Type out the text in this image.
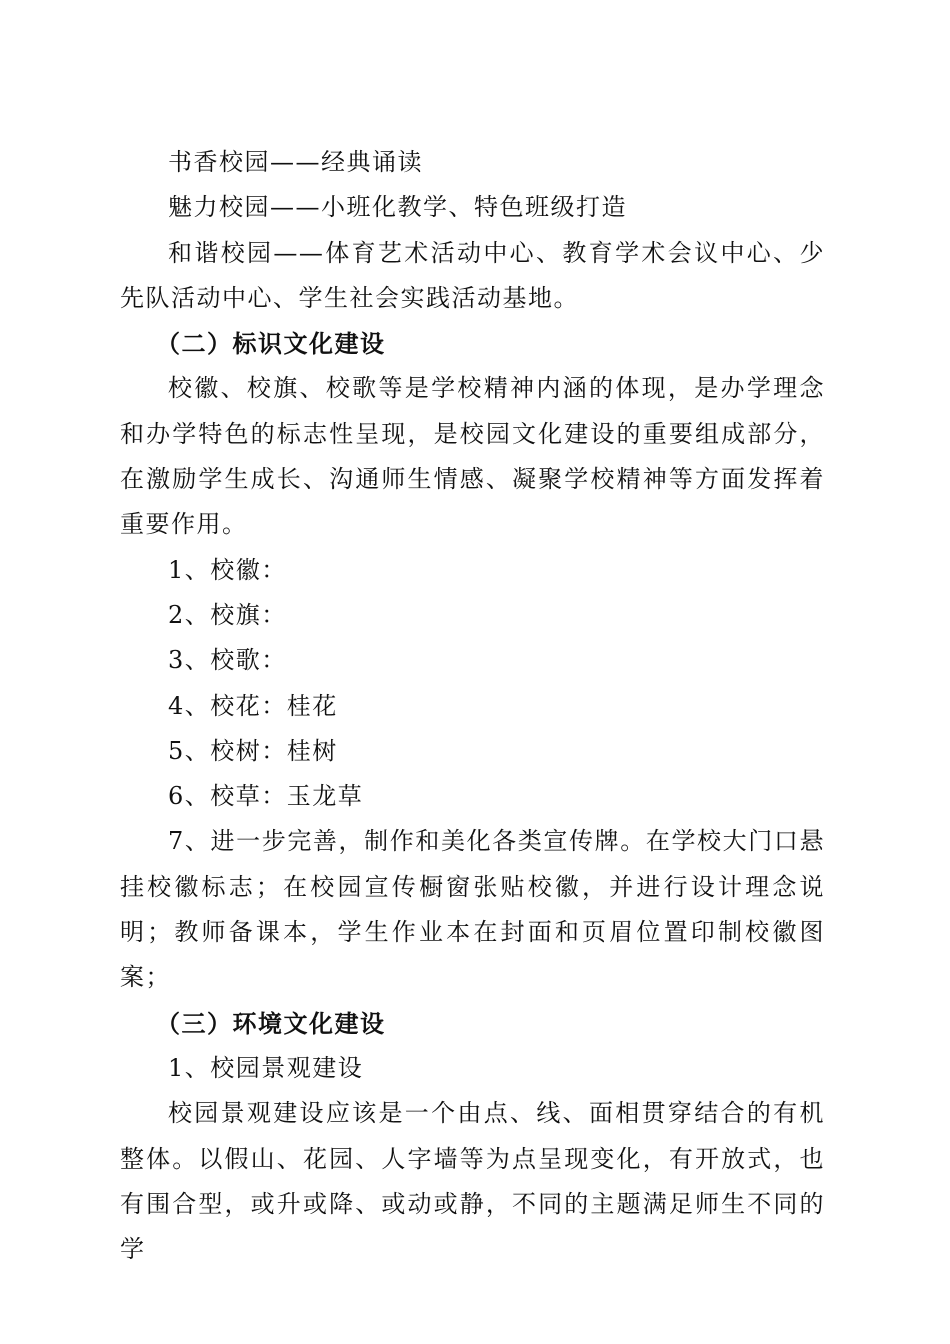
书香校园——经典诵读

魅力校园——小班化教学、特色班级打造

和谐校园——体育艺术活动中心、教育学术会议中心、少先队活动中心、学生社会实践活动基地。

（二）标识文化建设

校徽、校旗、校歌等是学校精神内涵的体现，是办学理念和办学特色的标志性呈现，是校园文化建设的重要组成部分，在激励学生成长、沟通师生情感、凝聚学校精神等方面发挥着重要作用。

1、校徽：

2、校旗：

3、校歌：

4、校花：桂花

5、校树：桂树

6、校草：玉龙草

7、进一步完善，制作和美化各类宣传牌。在学校大门口悬挂校徽标志；在校园宣传橱窗张贴校徽，并进行设计理念说明；教师备课本，学生作业本在封面和页眉位置印制校徽图案；

（三）环境文化建设

1、校园景观建设

校园景观建设应该是一个由点、线、面相贯穿结合的有机整体。以假山、花园、人字墙等为点呈现变化，有开放式，也有围合型，或升或降、或动或静，不同的主题满足师生不同的学
